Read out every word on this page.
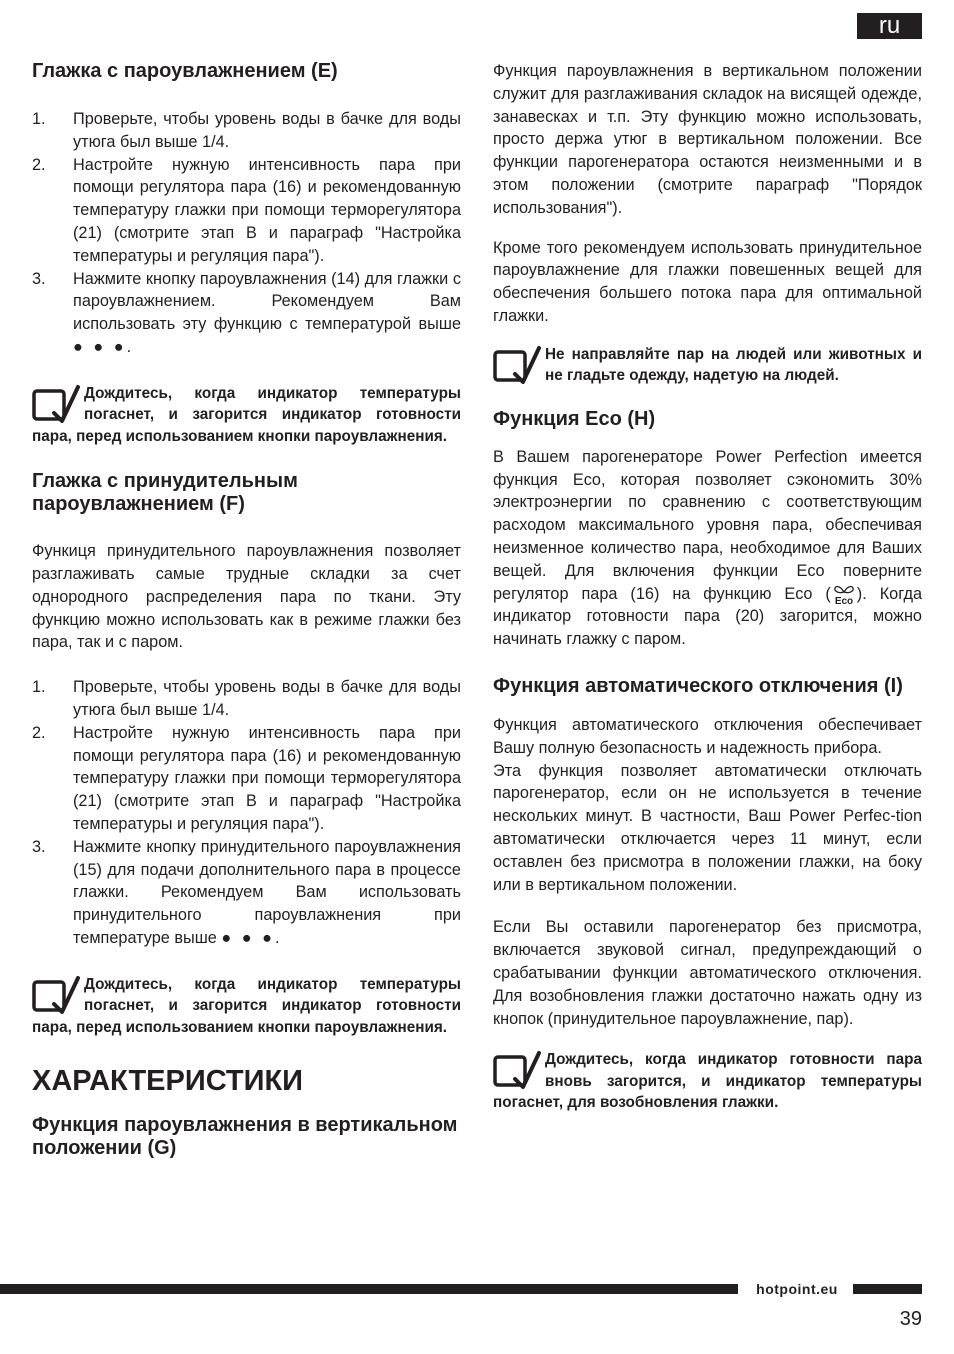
ru
Глажка с пароувлажнением (E)
1. Проверьте, чтобы уровень воды в бачке для воды утюга был выше 1/4.
2. Настройте нужную интенсивность пара при помощи регулятора пара (16) и рекомендованную температуру глажки при помощи терморегулятора (21) (смотрите этап B и параграф "Настройка температуры и регуляция пара").
3. Нажмите кнопку пароувлажнения (14) для глажки с пароувлажнением. Рекомендуем Вам использовать эту функцию с температурой выше ● ● ●.

Дождитесь, когда индикатор температуры погаснет, и загорится индикатор готовности пара, перед использованием кнопки пароувлажнения.

Глажка с принудительным пароувлажнением (F)

Функиця принудительного пароувлажнения позволяет разглаживать самые трудные складки за счет однородного распределения пара по ткани. Эту функцию можно использовать как в режиме глажки без пара, так и с паром.

1. Проверьте, чтобы уровень воды в бачке для воды утюга был выше 1/4.
2. Настройте нужную интенсивность пара при помощи регулятора пара (16) и рекомендованную температуру глажки при помощи терморегулятора (21) (смотрите этап B и параграф "Настройка температуры и регуляция пара").
3. Нажмите кнопку принудительного пароувлажнения (15) для подачи дополнительного пара в процессе глажки. Рекомендуем Вам использовать принудительного пароувлажнения при температуре выше ● ● ●.

Дождитесь, когда индикатор температуры погаснет, и загорится индикатор готовности пара, перед использованием кнопки пароувлажнения.

ХАРАКТЕРИСТИКИ
Функция пароувлажнения в вертикальном положении (G)

Функция пароувлажнения в вертикальном положении служит для разглаживания складок на висящей одежде, занавесках и т.п. Эту функцию можно использовать, просто держа утюг в вертикальном положении. Все функции парогенератора остаются неизменными и в этом положении (смотрите параграф "Порядок использования").

Кроме того рекомендуем использовать принудительное пароувлажнение для глажки повешенных вещей для обеспечения большего потока пара для оптимальной глажки.

Не направляйте пар на людей или животных и не гладьте одежду, надетую на людей.

Функция Eco (H)

В Вашем парогенераторе Power Perfection имеется функция Eco, которая позволяет сэкономить 30% электроэнергии по сравнению с соответствующим расходом максимального уровня пара, обеспечивая неизменное количество пара, необходимое для Ваших вещей. Для включения функции Eco поверните регулятор пара (16) на функцию Eco ( Eco ). Когда индикатор готовности пара (20) загорится, можно начинать глажку с паром.

Функция автоматического отключения (I)

Функция автоматического отключения обеспечивает Вашу полную безопасность и надежность прибора.

Эта функция позволяет автоматически отключать парогенератор, если он не используется в течение нескольких минут. В частности, Ваш Power Perfec-tion автоматически отключается через 11 минут, если оставлен без присмотра в положении глажки, на боку или в вертикальном положении.

Если Вы оставили парогенератор без присмотра, включается звуковой сигнал, предупреждающий о срабатывании функции автоматического отключения. Для возобновления глажки достаточно нажать одну из кнопок (принудительное пароувлажнение, пар).

Дождитесь, когда индикатор готовности пара вновь загорится, и индикатор температуры погаснет, для возобновления глажки.

hotpoint.eu
39
